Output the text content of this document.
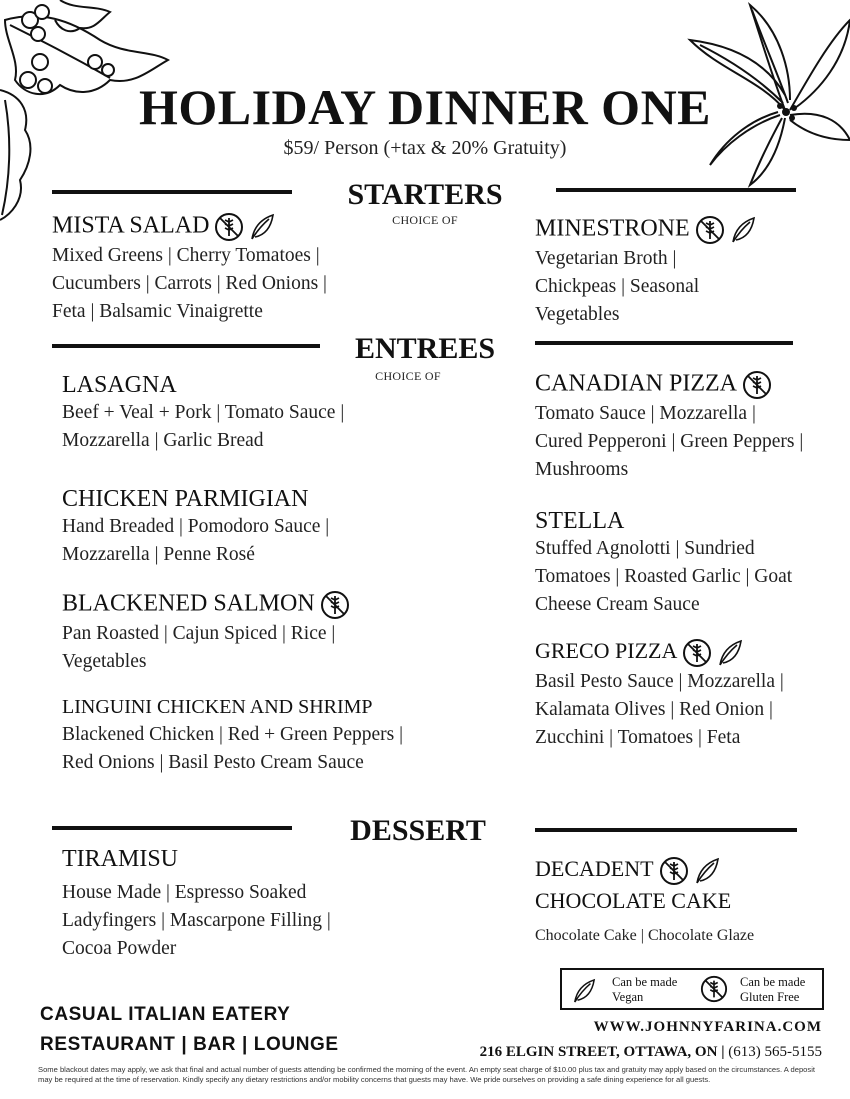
HOLIDAY DINNER ONE
$59/ Person (+tax & 20% Gratuity)
STARTERS
CHOICE OF
MISTA SALAD
Mixed Greens | Cherry Tomatoes | Cucumbers | Carrots | Red Onions | Feta | Balsamic Vinaigrette
MINESTRONE
Vegetarian Broth | Chickpeas | Seasonal Vegetables
ENTREES
CHOICE OF
LASAGNA
Beef + Veal + Pork | Tomato Sauce | Mozzarella | Garlic Bread
CHICKEN PARMIGIAN
Hand Breaded | Pomodoro Sauce | Mozzarella | Penne Rosé
BLACKENED SALMON
Pan Roasted | Cajun Spiced | Rice | Vegetables
LINGUINI CHICKEN AND SHRIMP
Blackened Chicken | Red + Green Peppers | Red Onions | Basil Pesto Cream Sauce
CANADIAN PIZZA
Tomato Sauce | Mozzarella | Cured Pepperoni | Green Peppers | Mushrooms
STELLA
Stuffed Agnolotti | Sundried Tomatoes | Roasted Garlic | Goat Cheese Cream Sauce
GRECO PIZZA
Basil Pesto Sauce | Mozzarella | Kalamata Olives | Red Onion | Zucchini | Tomatoes | Feta
DESSERT
TIRAMISU
House Made | Espresso Soaked Ladyfingers | Mascarpone Filling | Cocoa Powder
DECADENT
CHOCOLATE CAKE
Chocolate Cake | Chocolate Glaze
Can be made Vegan
Can be made Gluten Free
CASUAL ITALIAN EATERY
RESTAURANT | BAR | LOUNGE
WWW.JOHNNYFARINA.COM
216 ELGIN STREET, OTTAWA, ON | (613) 565-5155
Some blackout dates may apply, we ask that final and actual number of guests attending be confirmed the morning of the event. An empty seat charge of $10.00 plus tax and gratuity may apply based on the circumstances. A deposit may be required at the time of reservation. Kindly specify any dietary restrictions and/or mobility concerns that guests may have. We pride ourselves on providing a safe dining experience for all guests.
